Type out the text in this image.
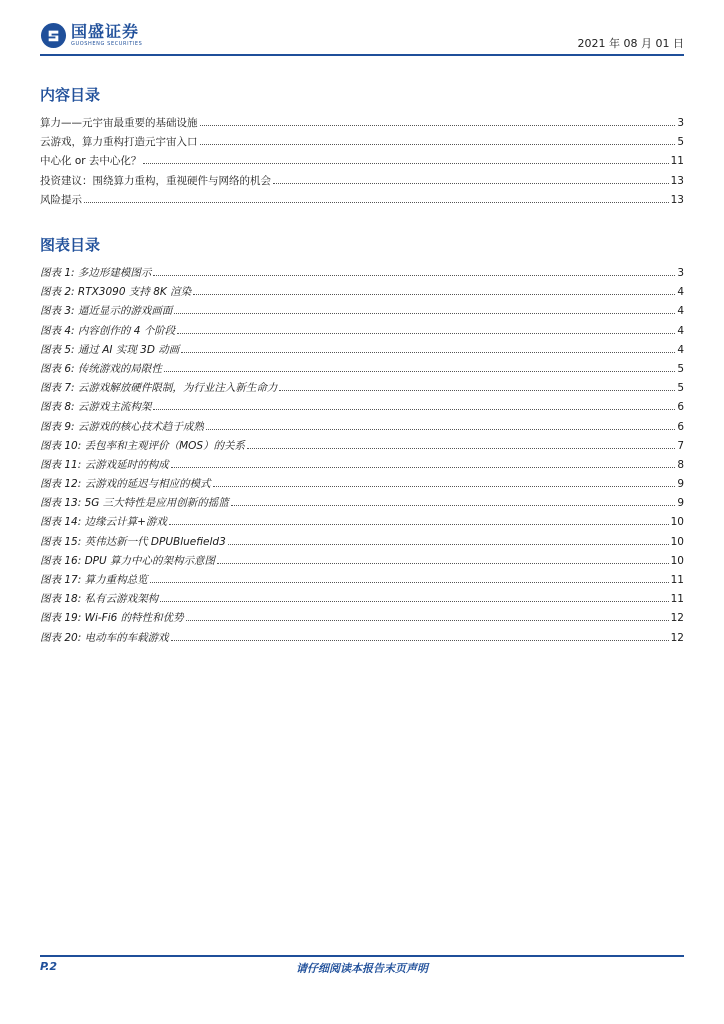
国盛证券
GUOSHENG SECURITIES	2021 年 08 月 01 日
内容目录
算力——元宇宙最重要的基础设施	3
云游戏，算力重构打造元宇宙入口	5
中心化 or 去中心化？	11
投资建议：围绕算力重构，重视硬件与网络的机会	13
风险提示	13
图表目录
图表 1: 多边形建模图示	3
图表 2: RTX3090 支持 8K 渲染	4
图表 3: 逼近显示的游戏画面	4
图表 4: 内容创作的 4 个阶段	4
图表 5: 通过 AI 实现 3D 动画	4
图表 6: 传统游戏的局限性	5
图表 7: 云游戏解放硬件限制，为行业注入新生命力	5
图表 8: 云游戏主流构架	6
图表 9: 云游戏的核心技术趋于成熟	6
图表 10: 丢包率和主观评价（MOS）的关系	7
图表 11: 云游戏延时的构成	8
图表 12: 云游戏的延迟与相应的模式	9
图表 13: 5G 三大特性是应用创新的摇篮	9
图表 14: 边缘云计算+游戏	10
图表 15: 英伟达新一代 DPUBluefield3	10
图表 16: DPU 算力中心的架构示意图	10
图表 17: 算力重构总览	11
图表 18: 私有云游戏架构	11
图表 19: Wi-Fi6 的特性和优势	12
图表 20: 电动车的车载游戏	12
P.2	请仔细阅读本报告末页声明
